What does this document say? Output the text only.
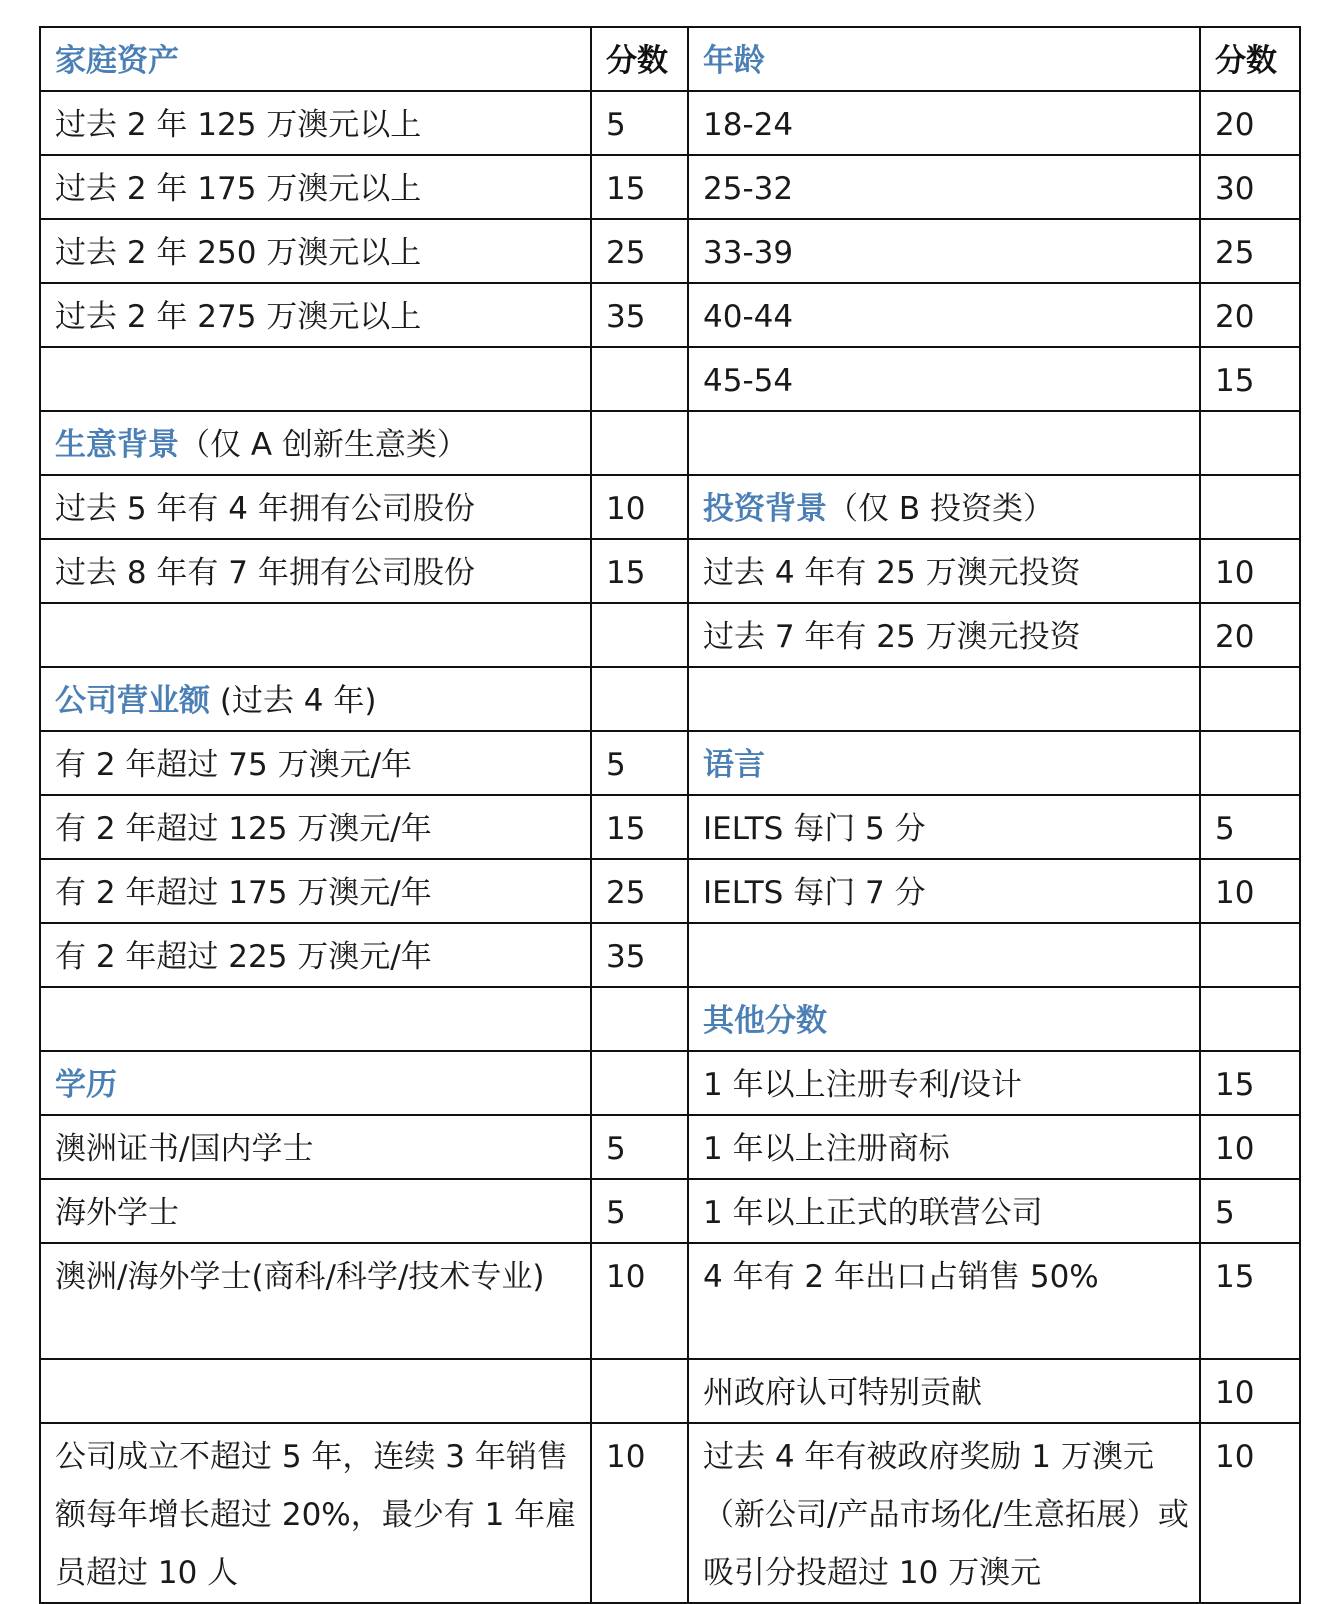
家庭资产	分数	年龄	分数
过去 2 年 125 万澳元以上	5	18-24	20
过去 2 年 175 万澳元以上	15	25-32	30
过去 2 年 250 万澳元以上	25	33-39	25
过去 2 年 275 万澳元以上	35	40-44	20
		45-54	15
生意背景（仅 A 创新生意类）			
过去 5 年有 4 年拥有公司股份	10	投资背景（仅 B 投资类）	
过去 8 年有 7 年拥有公司股份	15	过去 4 年有 25 万澳元投资	10
		过去 7 年有 25 万澳元投资	20
公司营业额 (过去 4 年)			
有 2 年超过 75 万澳元/年	5	语言	
有 2 年超过 125 万澳元/年	15	IELTS 每门 5 分	5
有 2 年超过 175 万澳元/年	25	IELTS 每门 7 分	10
有 2 年超过 225 万澳元/年	35		
		其他分数	
学历		1 年以上注册专利/设计	15
澳洲证书/国内学士	5	1 年以上注册商标	10
海外学士	5	1 年以上正式的联营公司	5
澳洲/海外学士(商科/科学/技术专业)	10	4 年有 2 年出口占销售 50%	15
		州政府认可特别贡献	10
公司成立不超过 5 年，连续 3 年销售额每年增长超过 20%，最少有 1 年雇员超过 10 人	10	过去 4 年有被政府奖励 1 万澳元（新公司/产品市场化/生意拓展）或吸引分投超过 10 万澳元	10
